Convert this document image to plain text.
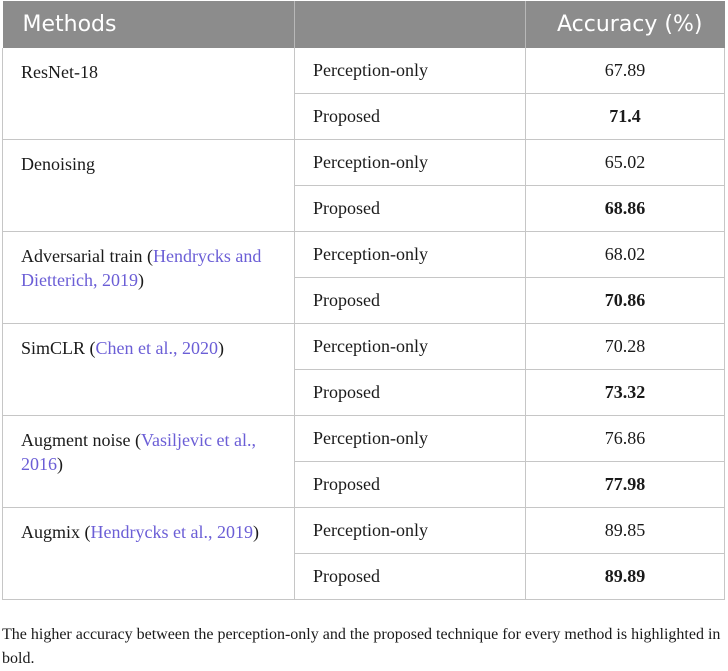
Methods		Accuracy (%)
ResNet-18	Perception-only	67.89
	Proposed	71.4
Denoising	Perception-only	65.02
	Proposed	68.86
Adversarial train (Hendrycks and Dietterich, 2019)	Perception-only	68.02
	Proposed	70.86
SimCLR (Chen et al., 2020)	Perception-only	70.28
	Proposed	73.32
Augment noise (Vasiljevic et al., 2016)	Perception-only	76.86
	Proposed	77.98
Augmix (Hendrycks et al., 2019)	Perception-only	89.85
	Proposed	89.89
The higher accuracy between the perception-only and the proposed technique for every method is highlighted in bold.
